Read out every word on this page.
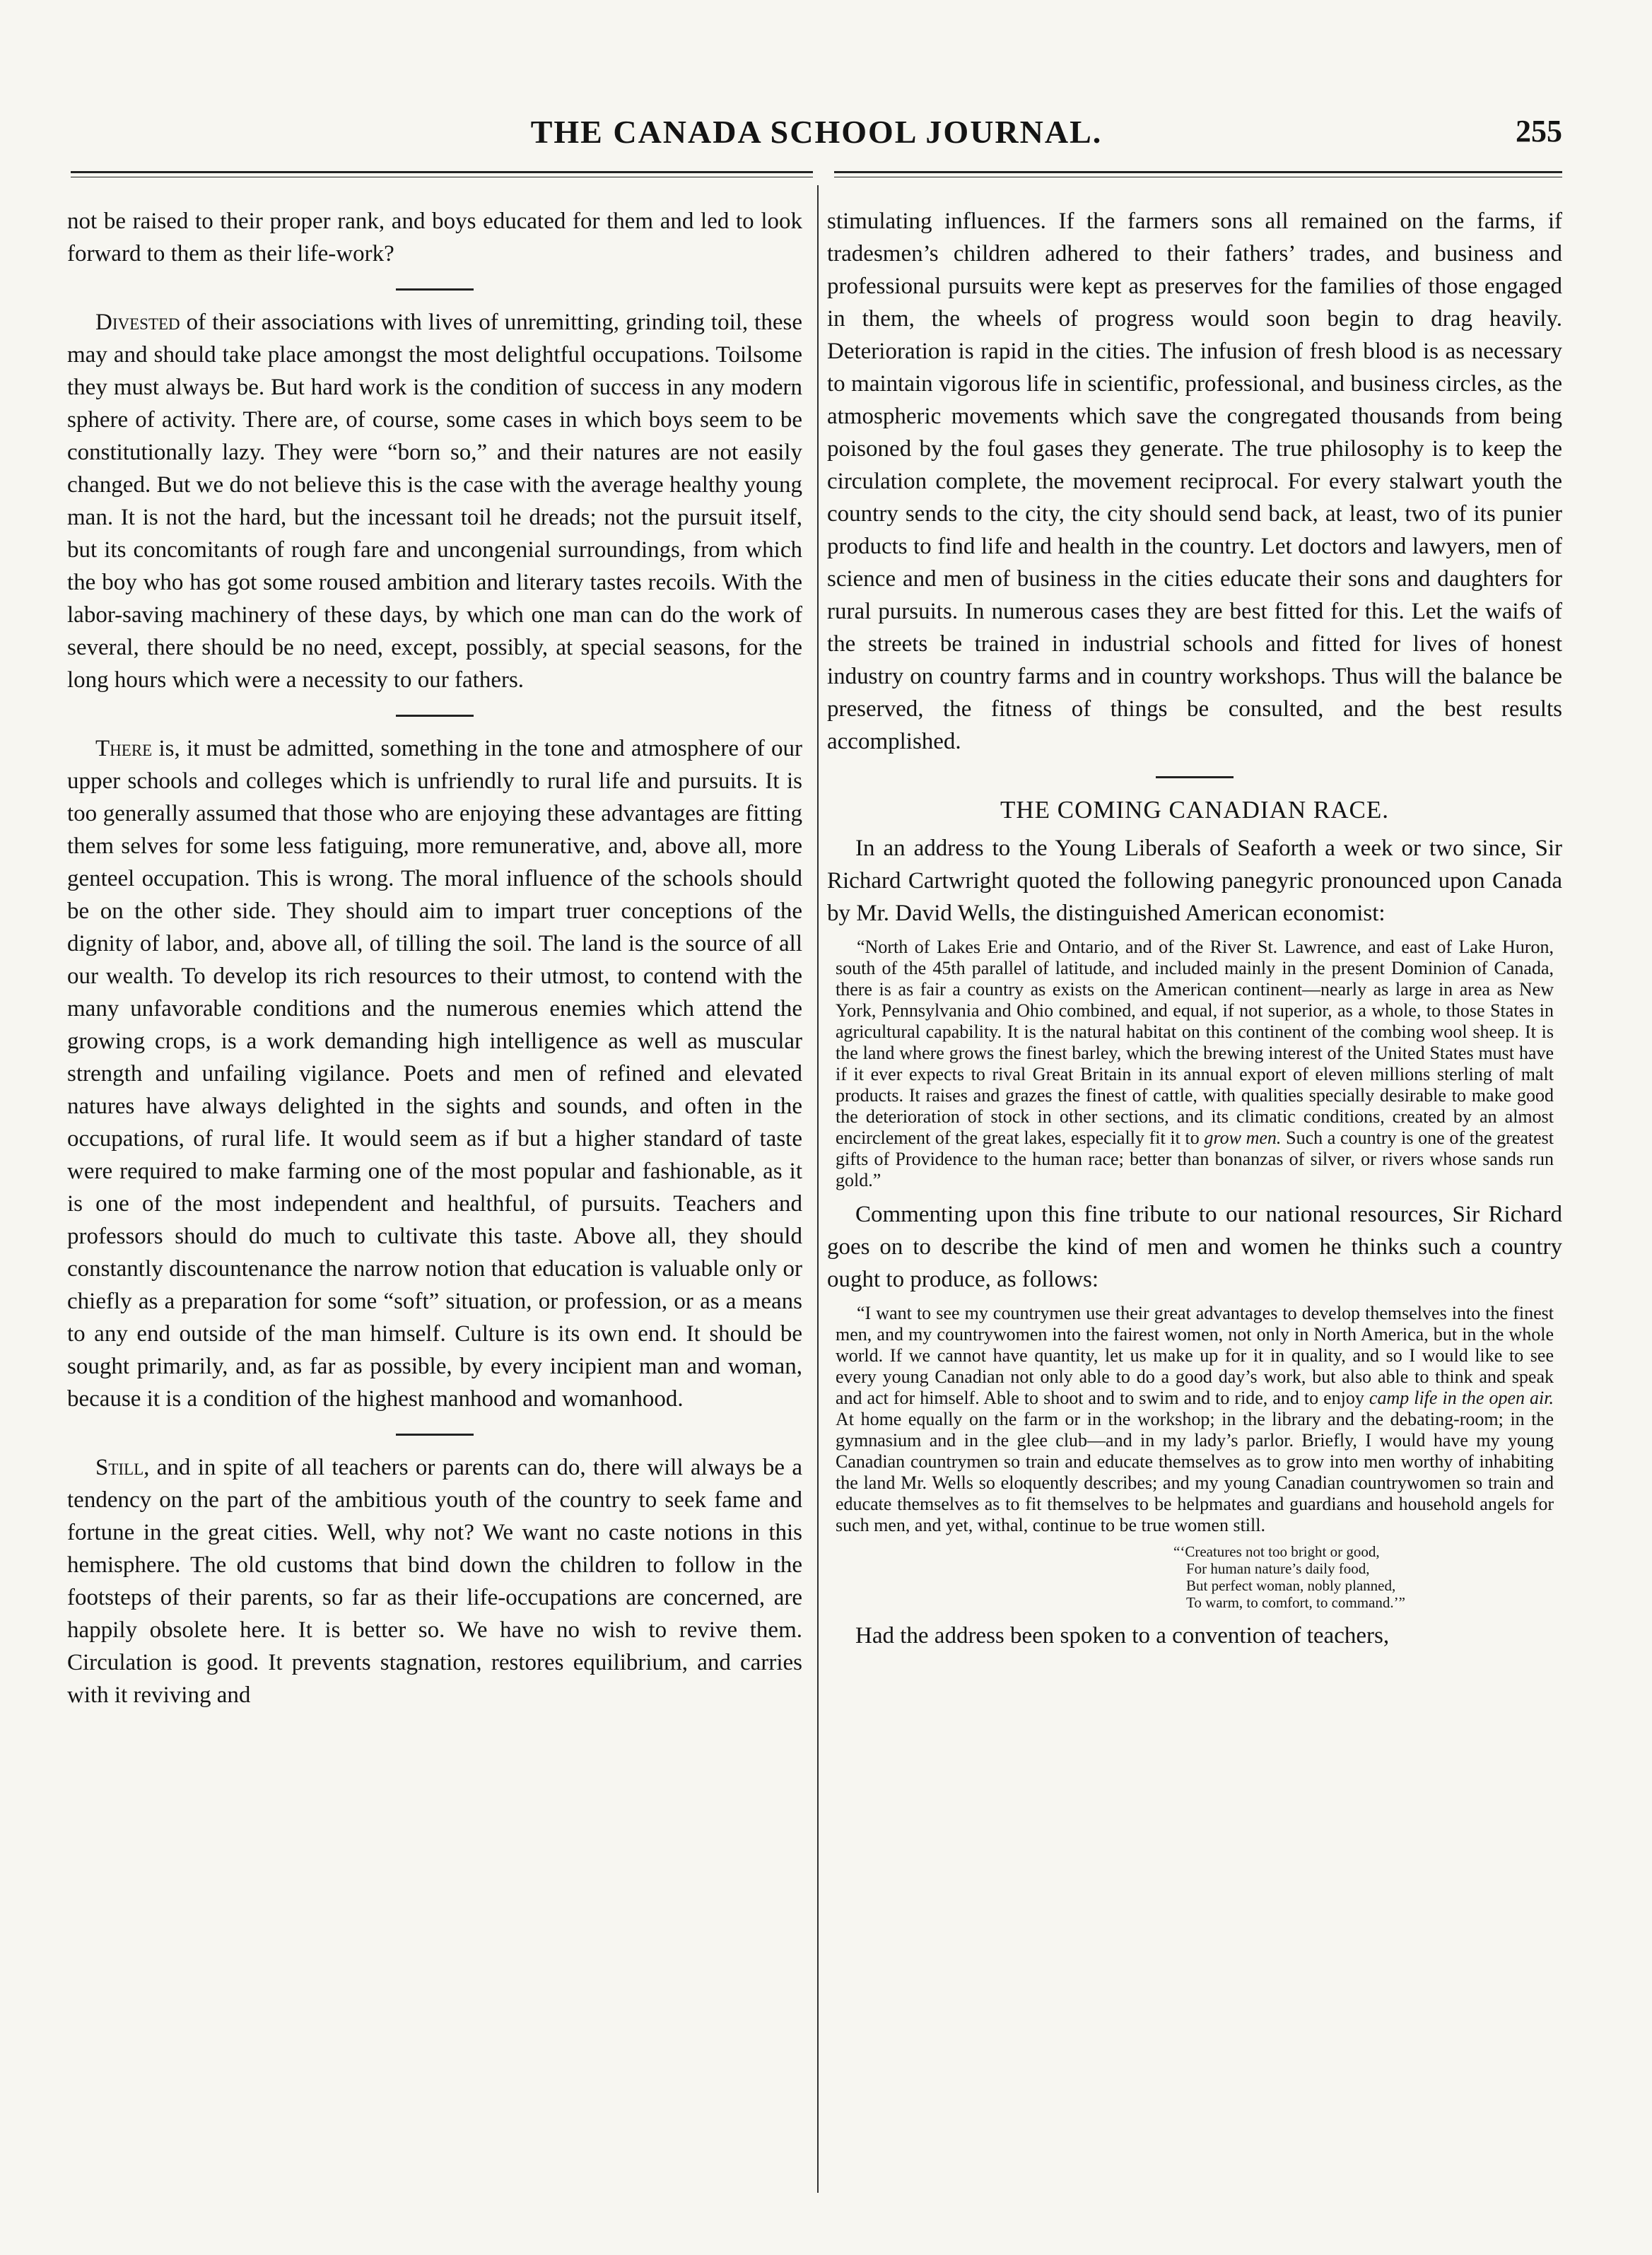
THE CANADA SCHOOL JOURNAL.	255

not be raised to their proper rank, and boys educated for them and led to look forward to them as their life-work?

Divested of their associations with lives of unremitting, grinding toil, these may and should take place amongst the most delightful occupations. Toilsome they must always be. But hard work is the condition of success in any modern sphere of activity. There are, of course, some cases in which boys seem to be constitutionally lazy. They were “born so,” and their natures are not easily changed. But we do not believe this is the case with the average healthy young man. It is not the hard, but the incessant toil he dreads; not the pursuit itself, but its concomitants of rough fare and uncongenial surroundings, from which the boy who has got some roused ambition and literary tastes recoils. With the labor-saving machinery of these days, by which one man can do the work of several, there should be no need, except, possibly, at special seasons, for the long hours which were a necessity to our fathers.

There is, it must be admitted, something in the tone and atmosphere of our upper schools and colleges which is unfriendly to rural life and pursuits. It is too generally assumed that those who are enjoying these advantages are fitting them selves for some less fatiguing, more remunerative, and, above all, more genteel occupation. This is wrong. The moral influence of the schools should be on the other side. They should aim to impart truer conceptions of the dignity of labor, and, above all, of tilling the soil. The land is the source of all our wealth. To develop its rich resources to their utmost, to contend with the many unfavorable conditions and the numerous enemies which attend the growing crops, is a work demanding high intelligence as well as muscular strength and unfailing vigilance. Poets and men of refined and elevated natures have always delighted in the sights and sounds, and often in the occupations, of rural life. It would seem as if but a higher standard of taste were required to make farming one of the most popular and fashionable, as it is one of the most independent and healthful, of pursuits. Teachers and professors should do much to cultivate this taste. Above all, they should constantly discountenance the narrow notion that education is valuable only or chiefly as a preparation for some “soft” situation, or profession, or as a means to any end outside of the man himself. Culture is its own end. It should be sought primarily, and, as far as possible, by every incipient man and woman, because it is a condition of the highest manhood and womanhood.

Still, and in spite of all teachers or parents can do, there will always be a tendency on the part of the ambitious youth of the country to seek fame and fortune in the great cities. Well, why not? We want no caste notions in this hemisphere. The old customs that bind down the children to follow in the footsteps of their parents, so far as their life-occupations are concerned, are happily obsolete here. It is better so. We have no wish to revive them. Circulation is good. It prevents stagnation, restores equilibrium, and carries with it reviving and

stimulating influences. If the farmers sons all remained on the farms, if tradesmen’s children adhered to their fathers’ trades, and business and professional pursuits were kept as preserves for the families of those engaged in them, the wheels of progress would soon begin to drag heavily. Deterioration is rapid in the cities. The infusion of fresh blood is as necessary to maintain vigorous life in scientific, professional, and business circles, as the atmospheric movements which save the congregated thousands from being poisoned by the foul gases they generate. The true philosophy is to keep the circulation complete, the movement reciprocal. For every stalwart youth the country sends to the city, the city should send back, at least, two of its punier products to find life and health in the country. Let doctors and lawyers, men of science and men of business in the cities educate their sons and daughters for rural pursuits. In numerous cases they are best fitted for this. Let the waifs of the streets be trained in industrial schools and fitted for lives of honest industry on country farms and in country workshops. Thus will the balance be preserved, the fitness of things be consulted, and the best results accomplished.

THE COMING CANADIAN RACE.

In an address to the Young Liberals of Seaforth a week or two since, Sir Richard Cartwright quoted the following panegyric pronounced upon Canada by Mr. David Wells, the distinguished American economist:

“North of Lakes Erie and Ontario, and of the River St. Lawrence, and east of Lake Huron, south of the 45th parallel of latitude, and included mainly in the present Dominion of Canada, there is as fair a country as exists on the American continent—nearly as large in area as New York, Pennsylvania and Ohio combined, and equal, if not superior, as a whole, to those States in agricultural capability. It is the natural habitat on this continent of the combing wool sheep. It is the land where grows the finest barley, which the brewing interest of the United States must have if it ever expects to rival Great Britain in its annual export of eleven millions sterling of malt products. It raises and grazes the finest of cattle, with qualities specially desirable to make good the deterioration of stock in other sections, and its climatic conditions, created by an almost encirclement of the great lakes, especially fit it to grow men. Such a country is one of the greatest gifts of Providence to the human race; better than bonanzas of silver, or rivers whose sands run gold.”

Commenting upon this fine tribute to our national resources, Sir Richard goes on to describe the kind of men and women he thinks such a country ought to produce, as follows:

“I want to see my countrymen use their great advantages to develop themselves into the finest men, and my countrywomen into the fairest women, not only in North America, but in the whole world. If we cannot have quantity, let us make up for it in quality, and so I would like to see every young Canadian not only able to do a good day’s work, but also able to think and speak and act for himself. Able to shoot and to swim and to ride, and to enjoy camp life in the open air. At home equally on the farm or in the workshop; in the library and the debating-room; in the gymnasium and in the glee club—and in my lady’s parlor. Briefly, I would have my young Canadian countrymen so train and educate themselves as to grow into men worthy of inhabiting the land Mr. Wells so eloquently describes; and my young Canadian countrywomen so train and educate themselves as to fit themselves to be helpmates and guardians and household angels for such men, and yet, withal, continue to be true women still.

“‘Creatures not too bright or good,
For human nature’s daily food,
But perfect woman, nobly planned,
To warm, to comfort, to command.’”

Had the address been spoken to a convention of teachers,
